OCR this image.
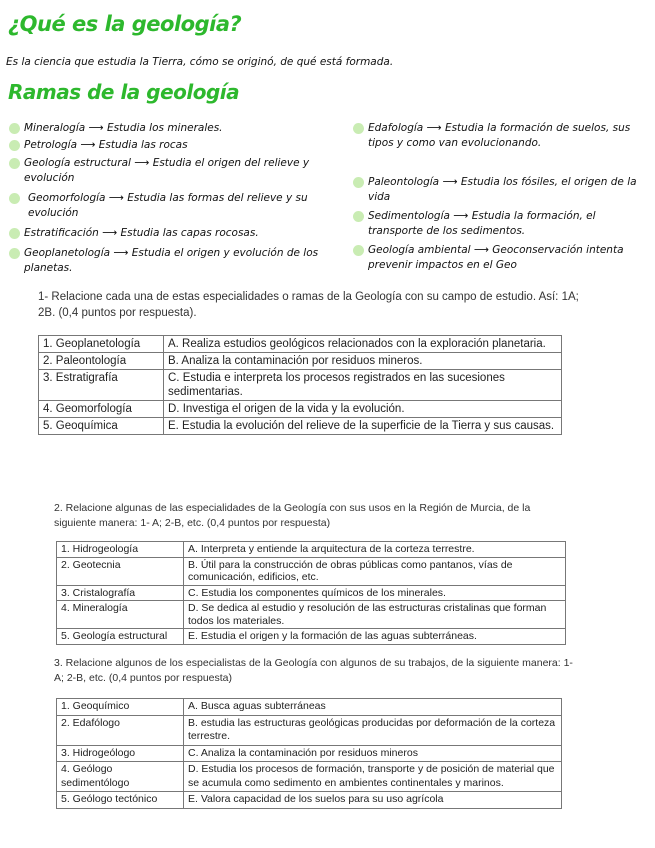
¿Qué es la geología?
Es la ciencia que estudia la Tierra, cómo se originó, de qué está formada.
Ramas de la geología
Mineralogía ⟶ Estudia los minerales.
Petrología ⟶ Estudia las rocas
Geología estructural ⟶ Estudia el origen del relieve y evolución
Geomorfología ⟶ Estudia las formas del relieve y su evolución
Estratificación ⟶ Estudia las capas rocosas.
Geoplanetología ⟶ Estudia el origen y evolución de los planetas.
Edafología ⟶ Estudia la formación de suelos, sus tipos y como van evolucionando.
Paleontología ⟶ Estudia los fósiles, el origen de la vida
Sedimentología ⟶ Estudia la formación, el transporte de los sedimentos.
Geología ambiental ⟶ Geoconservación intenta prevenir impactos en el Geo
1- Relacione cada una de estas especialidades o ramas de la Geología con su campo de estudio. Así: 1A; 2B. (0,4 puntos por respuesta).
1. Geoplanetología	A. Realiza estudios geológicos relacionados con la exploración planetaria.
2. Paleontología	B. Analiza la contaminación por residuos mineros.
3. Estratigrafía	C. Estudia e interpreta los procesos registrados en las sucesiones sedimentarias.
4. Geomorfología	D. Investiga el origen de la vida y la evolución.
5. Geoquímica	E. Estudia la evolución del relieve de la superficie de la Tierra y sus causas.
2. Relacione algunas de las especialidades de la Geología con sus usos en la Región de Murcia, de la siguiente manera: 1- A; 2-B, etc. (0,4 puntos por respuesta)
1. Hidrogeología	A. Interpreta y entiende la arquitectura de la corteza terrestre.
2. Geotecnia	B. Útil para la construcción de obras públicas como pantanos, vías de comunicación, edificios, etc.
3. Cristalografía	C. Estudia los componentes químicos de los minerales.
4. Mineralogía	D. Se dedica al estudio y resolución de las estructuras cristalinas que forman todos los materiales.
5. Geología estructural	E. Estudia el origen y la formación de las aguas subterráneas.
3. Relacione algunos de los especialistas de la Geología con algunos de su trabajos, de la siguiente manera: 1-A; 2-B, etc. (0,4 puntos por respuesta)
1. Geoquímico	A. Busca aguas subterráneas
2. Edafólogo	B. estudia las estructuras geológicas producidas por deformación de la corteza terrestre.
3. Hidrogeólogo	C. Analiza la contaminación por residuos mineros
4. Geólogo sedimentólogo	D. Estudia los procesos de formación, transporte y de posición de material que se acumula como sedimento en ambientes continentales y marinos.
5. Geólogo tectónico	E. Valora capacidad de los suelos para su uso agrícola
